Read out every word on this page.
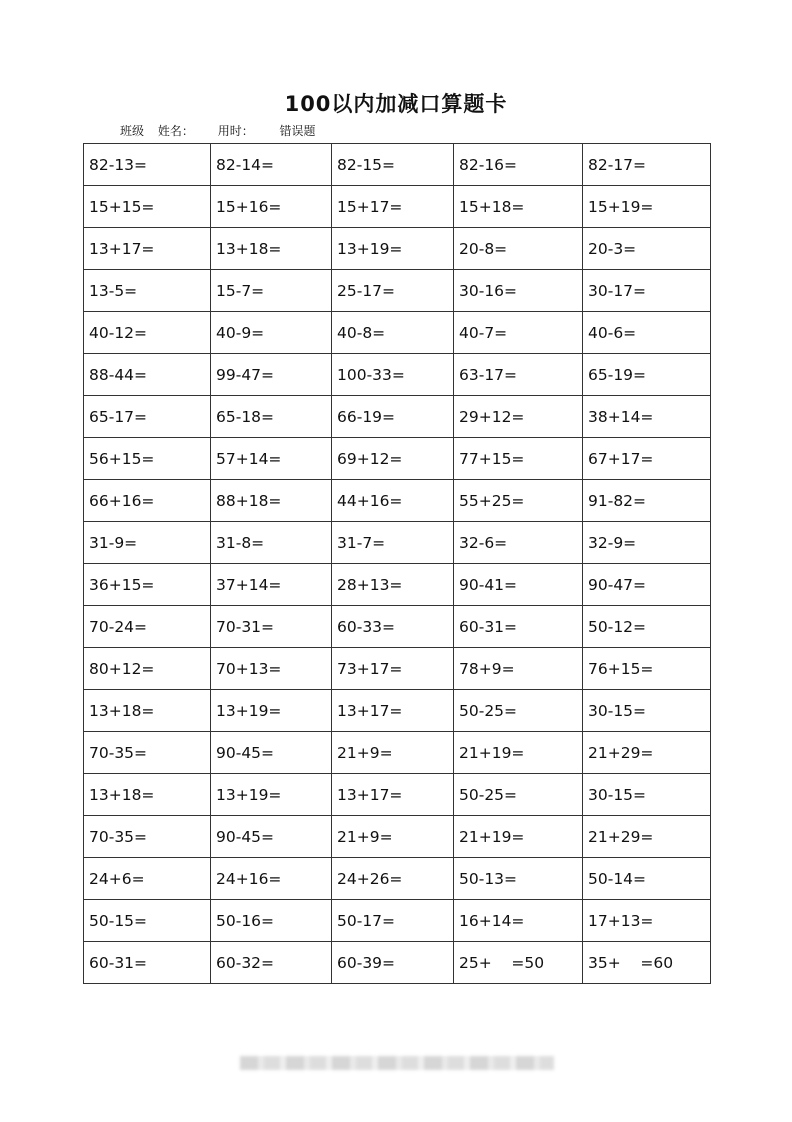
100以内加减口算题卡
班级 姓名： 用时： 错误题
82-13=	82-14=	82-15=	82-16=	82-17=
15+15=	15+16=	15+17=	15+18=	15+19=
13+17=	13+18=	13+19=	20-8=	20-3=
13-5=	15-7=	25-17=	30-16=	30-17=
40-12=	40-9=	40-8=	40-7=	40-6=
88-44=	99-47=	100-33=	63-17=	65-19=
65-17=	65-18=	66-19=	29+12=	38+14=
56+15=	57+14=	69+12=	77+15=	67+17=
66+16=	88+18=	44+16=	55+25=	91-82=
31-9=	31-8=	31-7=	32-6=	32-9=
36+15=	37+14=	28+13=	90-41=	90-47=
70-24=	70-31=	60-33=	60-31=	50-12=
80+12=	70+13=	73+17=	78+9=	76+15=
13+18=	13+19=	13+17=	50-25=	30-15=
70-35=	90-45=	21+9=	21+19=	21+29=
13+18=	13+19=	13+17=	50-25=	30-15=
70-35=	90-45=	21+9=	21+19=	21+29=
24+6=	24+16=	24+26=	50-13=	50-14=
50-15=	50-16=	50-17=	16+14=	17+13=
60-31=	60-32=	60-39=	25+    =50	35+    =60
